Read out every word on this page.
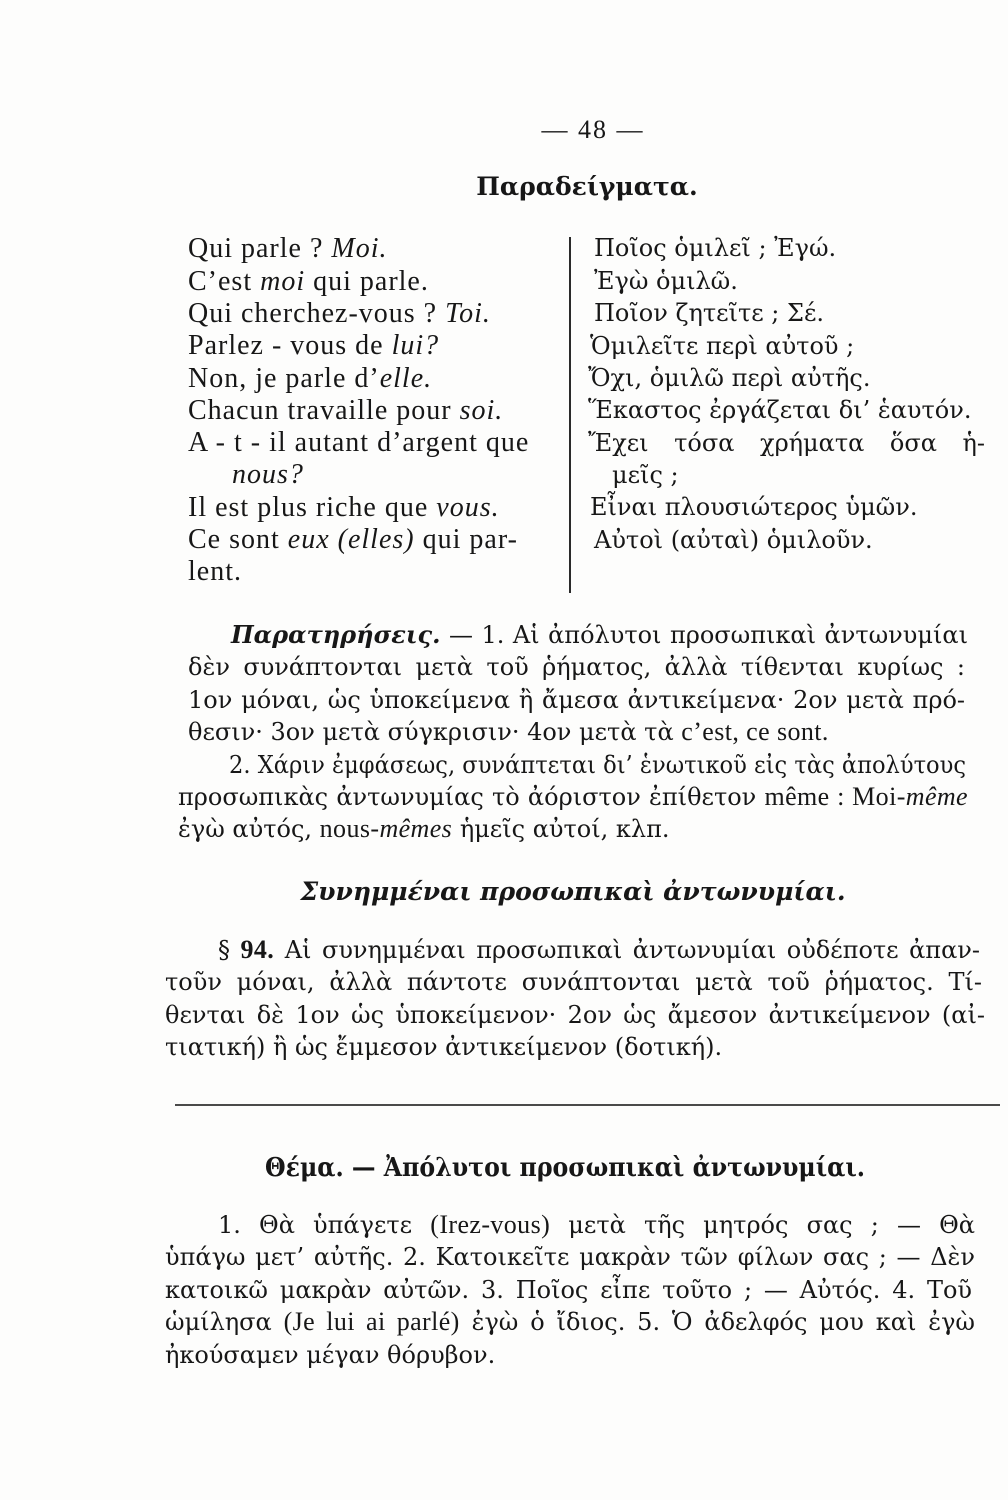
— 48 —
Παραδείγματα.
Qui parle ? Moi.
C’est moi qui parle.
Qui cherchez-vous ? Toi.
Parlez - vous de lui?
Non, je parle d’elle.
Chacun travaille pour soi.
A - t - il autant d’argent que
nous?
Il est plus riche que vous.
Ce sont eux (elles) qui par-
lent.
Ποῖος ὁμιλεῖ ; Ἐγώ.
Ἐγὼ ὁμιλῶ.
Ποῖον ζητεῖτε ; Σέ.
Ὁμιλεῖτε περὶ αὐτοῦ ;
Ὄχι, ὁμιλῶ περὶ αὐτῆς.
Ἕκαστος ἐργάζεται δι’ ἑαυτόν.
Ἔχει τόσα χρήματα ὅσα ἡ-
μεῖς ;
Εἶναι πλουσιώτερος ὑμῶν.
Αὐτοὶ (αὐταὶ) ὁμιλοῦν.
Παρατηρήσεις. — 1. Αἱ ἀπόλυτοι προσωπικαὶ ἀντωνυμίαι
δὲν συνάπτονται μετὰ τοῦ ῥήματος, ἀλλὰ τίθενται κυρίως :
1ον μόναι, ὡς ὑποκείμενα ἢ ἄμεσα ἀντικείμενα· 2ον μετὰ πρό-
θεσιν· 3ον μετὰ σύγκρισιν· 4ον μετὰ τὰ c’est, ce sont.
2. Χάριν ἐμφάσεως, συνάπτεται δι’ ἑνωτικοῦ εἰς τὰς ἀπολύτους
προσωπικὰς ἀντωνυμίας τὸ ἀόριστον ἐπίθετον même : Moi-même
ἐγὼ αὐτός, nous-mêmes ἡμεῖς αὐτοί, κλπ.
Συνημμέναι προσωπικαὶ ἀντωνυμίαι.
§ 94. Αἱ συνημμέναι προσωπικαὶ ἀντωνυμίαι οὐδέποτε ἀπαν-
τοῦν μόναι, ἀλλὰ πάντοτε συνάπτονται μετὰ τοῦ ῥήματος. Τί-
θενται δὲ 1ον ὡς ὑποκείμενον· 2ον ὡς ἄμεσον ἀντικείμενον (αἰ-
τιατική) ἢ ὡς ἔμμεσον ἀντικείμενον (δοτική).
Θέμα. — Ἀπόλυτοι προσωπικαὶ ἀντωνυμίαι.
1. Θὰ ὑπάγετε (Irez-vous) μετὰ τῆς μητρός σας ; — Θὰ
ὑπάγω μετ’ αὐτῆς. 2. Κατοικεῖτε μακρὰν τῶν φίλων σας ; — Δὲν
κατοικῶ μακρὰν αὐτῶν. 3. Ποῖος εἶπε τοῦτο ; — Αὐτός. 4. Τοῦ
ὡμίλησα (Je lui ai parlé) ἐγὼ ὁ ἴδιος. 5. Ὁ ἀδελφός μου καὶ ἐγὼ
ἠκούσαμεν μέγαν θόρυβον.
